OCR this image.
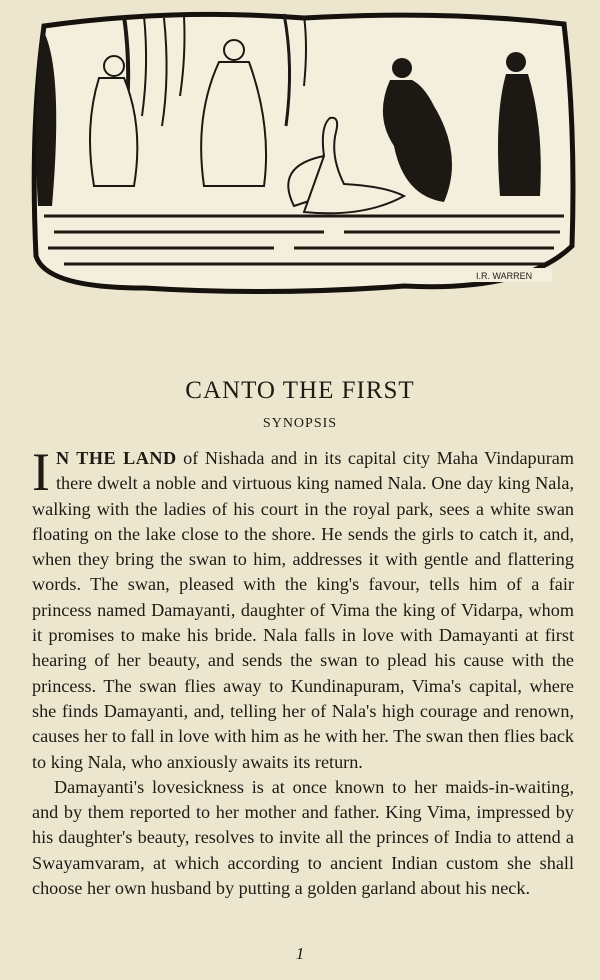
I.R. WARREN
CANTO THE FIRST
SYNOPSIS

I N THE LAND of Nishada and in its capital city Maha Vindapuram there dwelt a noble and virtuous king named Nala. One day king Nala, walking with the ladies of his court in the royal park, sees a white swan floating on the lake close to the shore. He sends the girls to catch it, and, when they bring the swan to him, addresses it with gentle and flattering words. The swan, pleased with the king's favour, tells him of a fair princess named Damayanti, daughter of Vima the king of Vidarpa, whom it promises to make his bride. Nala falls in love with Damayanti at first hearing of her beauty, and sends the swan to plead his cause with the princess. The swan flies away to Kundinapuram, Vima's capital, where she finds Damayanti, and, telling her of Nala's high courage and renown, causes her to fall in love with him as he with her. The swan then flies back to king Nala, who anxiously awaits its return.

Damayanti's lovesickness is at once known to her maids-in-waiting, and by them reported to her mother and father. King Vima, impressed by his daughter's beauty, resolves to invite all the princes of India to attend a Swayamvaram, at which according to ancient Indian custom she shall choose her own husband by putting a golden garland about his neck.

1
